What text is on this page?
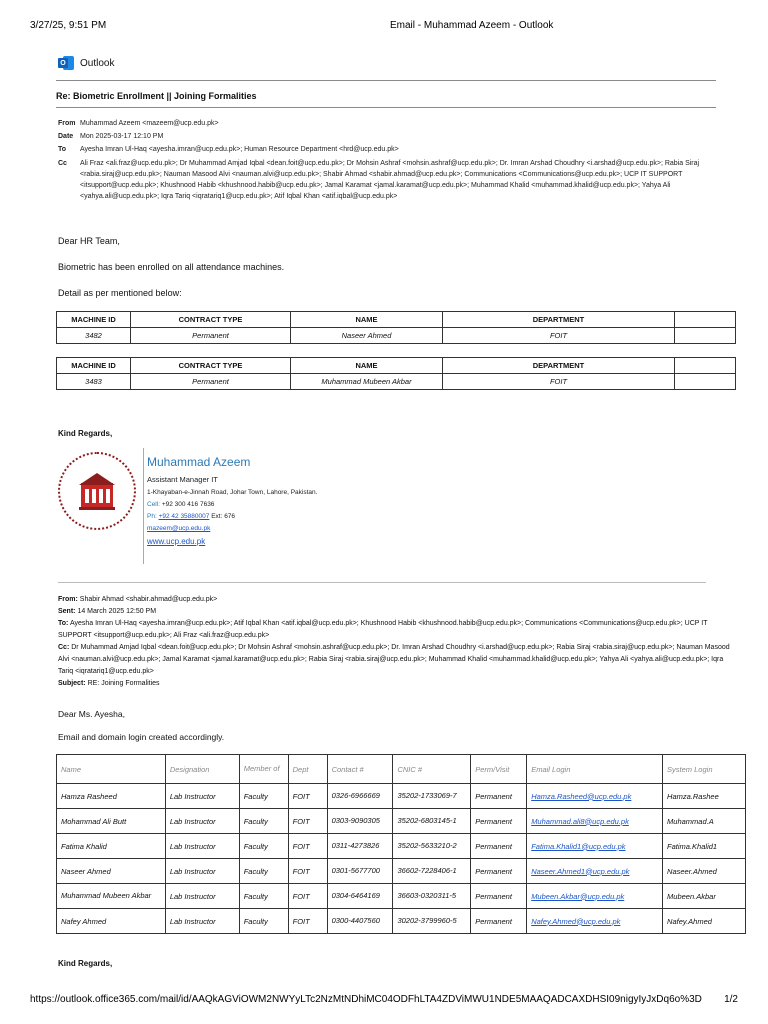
3/27/25, 9:51 PM	Email - Muhammad Azeem - Outlook
O Outlook
Re: Biometric Enrollment || Joining Formalities
From Muhammad Azeem <mazeem@ucp.edu.pk>
Date Mon 2025-03-17 12:10 PM
To Ayesha Imran Ul-Haq <ayesha.imran@ucp.edu.pk>; Human Resource Department <hrd@ucp.edu.pk>
Cc Ali Fraz <ali.fraz@ucp.edu.pk>; Dr Muhammad Amjad Iqbal <dean.foit@ucp.edu.pk>; Dr Mohsin Ashraf <mohsin.ashraf@ucp.edu.pk>; Dr. Imran Arshad Choudhry <i.arshad@ucp.edu.pk>; Rabia Siraj <rabia.siraj@ucp.edu.pk>; Nauman Masood Alvi <nauman.alvi@ucp.edu.pk>; Shabir Ahmad <shabir.ahmad@ucp.edu.pk>; Communications <Communications@ucp.edu.pk>; UCP IT SUPPORT <itsupport@ucp.edu.pk>; Khushnood Habib <khushnood.habib@ucp.edu.pk>; Jamal Karamat <jamal.karamat@ucp.edu.pk>; Muhammad Khalid <muhammad.khalid@ucp.edu.pk>; Yahya Ali <yahya.ali@ucp.edu.pk>; Iqra Tariq <iqratariq1@ucp.edu.pk>; Atif Iqbal Khan <atif.iqbal@ucp.edu.pk>
Dear HR Team,
Biometric has been enrolled on all attendance machines.
Detail as per mentioned below:
MACHINE ID	CONTRACT TYPE	NAME	DEPARTMENT	
3482	Permanent	Naseer Ahmed	FOIT	
MACHINE ID	CONTRACT TYPE	NAME	DEPARTMENT	
3483	Permanent	Muhammad Mubeen Akbar	FOIT	
Kind Regards,
Muhammad Azeem
Assistant Manager IT
1-Khayaban-e-Jinnah Road, Johar Town, Lahore, Pakistan.
Cell: +92 300 416 7636
Ph: +92 42 35880007 Ext: 676
mazeem@ucp.edu.pk
www.ucp.edu.pk
From: Shabir Ahmad <shabir.ahmad@ucp.edu.pk>
Sent: 14 March 2025 12:50 PM
To: Ayesha Imran Ul-Haq <ayesha.imran@ucp.edu.pk>; Atif Iqbal Khan <atif.iqbal@ucp.edu.pk>; Khushnood Habib <khushnood.habib@ucp.edu.pk>; Communications <Communications@ucp.edu.pk>; UCP IT SUPPORT <itsupport@ucp.edu.pk>; Ali Fraz <ali.fraz@ucp.edu.pk>
Cc: Dr Muhammad Amjad Iqbal <dean.foit@ucp.edu.pk>; Dr Mohsin Ashraf <mohsin.ashraf@ucp.edu.pk>; Dr. Imran Arshad Choudhry <i.arshad@ucp.edu.pk>; Rabia Siraj <rabia.siraj@ucp.edu.pk>; Nauman Masood Alvi <nauman.alvi@ucp.edu.pk>; Jamal Karamat <jamal.karamat@ucp.edu.pk>; Rabia Siraj <rabia.siraj@ucp.edu.pk>; Muhammad Khalid <muhammad.khalid@ucp.edu.pk>; Yahya Ali <yahya.ali@ucp.edu.pk>; Iqra Tariq <iqratariq1@ucp.edu.pk>
Subject: RE: Joining Formalities
Dear Ms. Ayesha,
Email and domain login created accordingly.
Name	Designation	Member of	Dept	Contact #	CNIC #	Perm/Visit	Email Login	System Login
Hamza Rasheed	Lab Instructor	Faculty	FOIT	0326-6966669	35202-1733069-7	Permanent	Hamza.Rasheed@ucp.edu.pk	Hamza.Rashee
Mohammad Ali Butt	Lab Instructor	Faculty	FOIT	0303-9090305	35202-6803145-1	Permanent	Muhammad.ali8@ucp.edu.pk	Muhammad.A
Fatima Khalid	Lab Instructor	Faculty	FOIT	0311-4273826	35202-5633210-2	Permanent	Fatima.Khalid1@ucp.edu.pk	Fatima.Khalid1
Naseer Ahmed	Lab Instructor	Faculty	FOIT	0301-5677700	36602-7228406-1	Permanent	Naseer.Ahmed1@ucp.edu.pk	Naseer.Ahmed
Muhammad Mubeen Akbar	Lab Instructor	Faculty	FOIT	0304-6464169	36603-0320311-5	Permanent	Mubeen.Akbar@ucp.edu.pk	Mubeen.Akbar
Nafey Ahmed	Lab Instructor	Faculty	FOIT	0300-4407560	30202-3799960-5	Permanent	Nafey.Ahmed@ucp.edu.pk	Nafey.Ahmed
Kind Regards,
https://outlook.office365.com/mail/id/AAQkAGViOWM2NWYyLTc2NzMtNDhiMC04ODFhLTA4ZDViMWU1NDE5MAAQADCAXDHSI09nigyIyJxDq6o%3D 1/2
